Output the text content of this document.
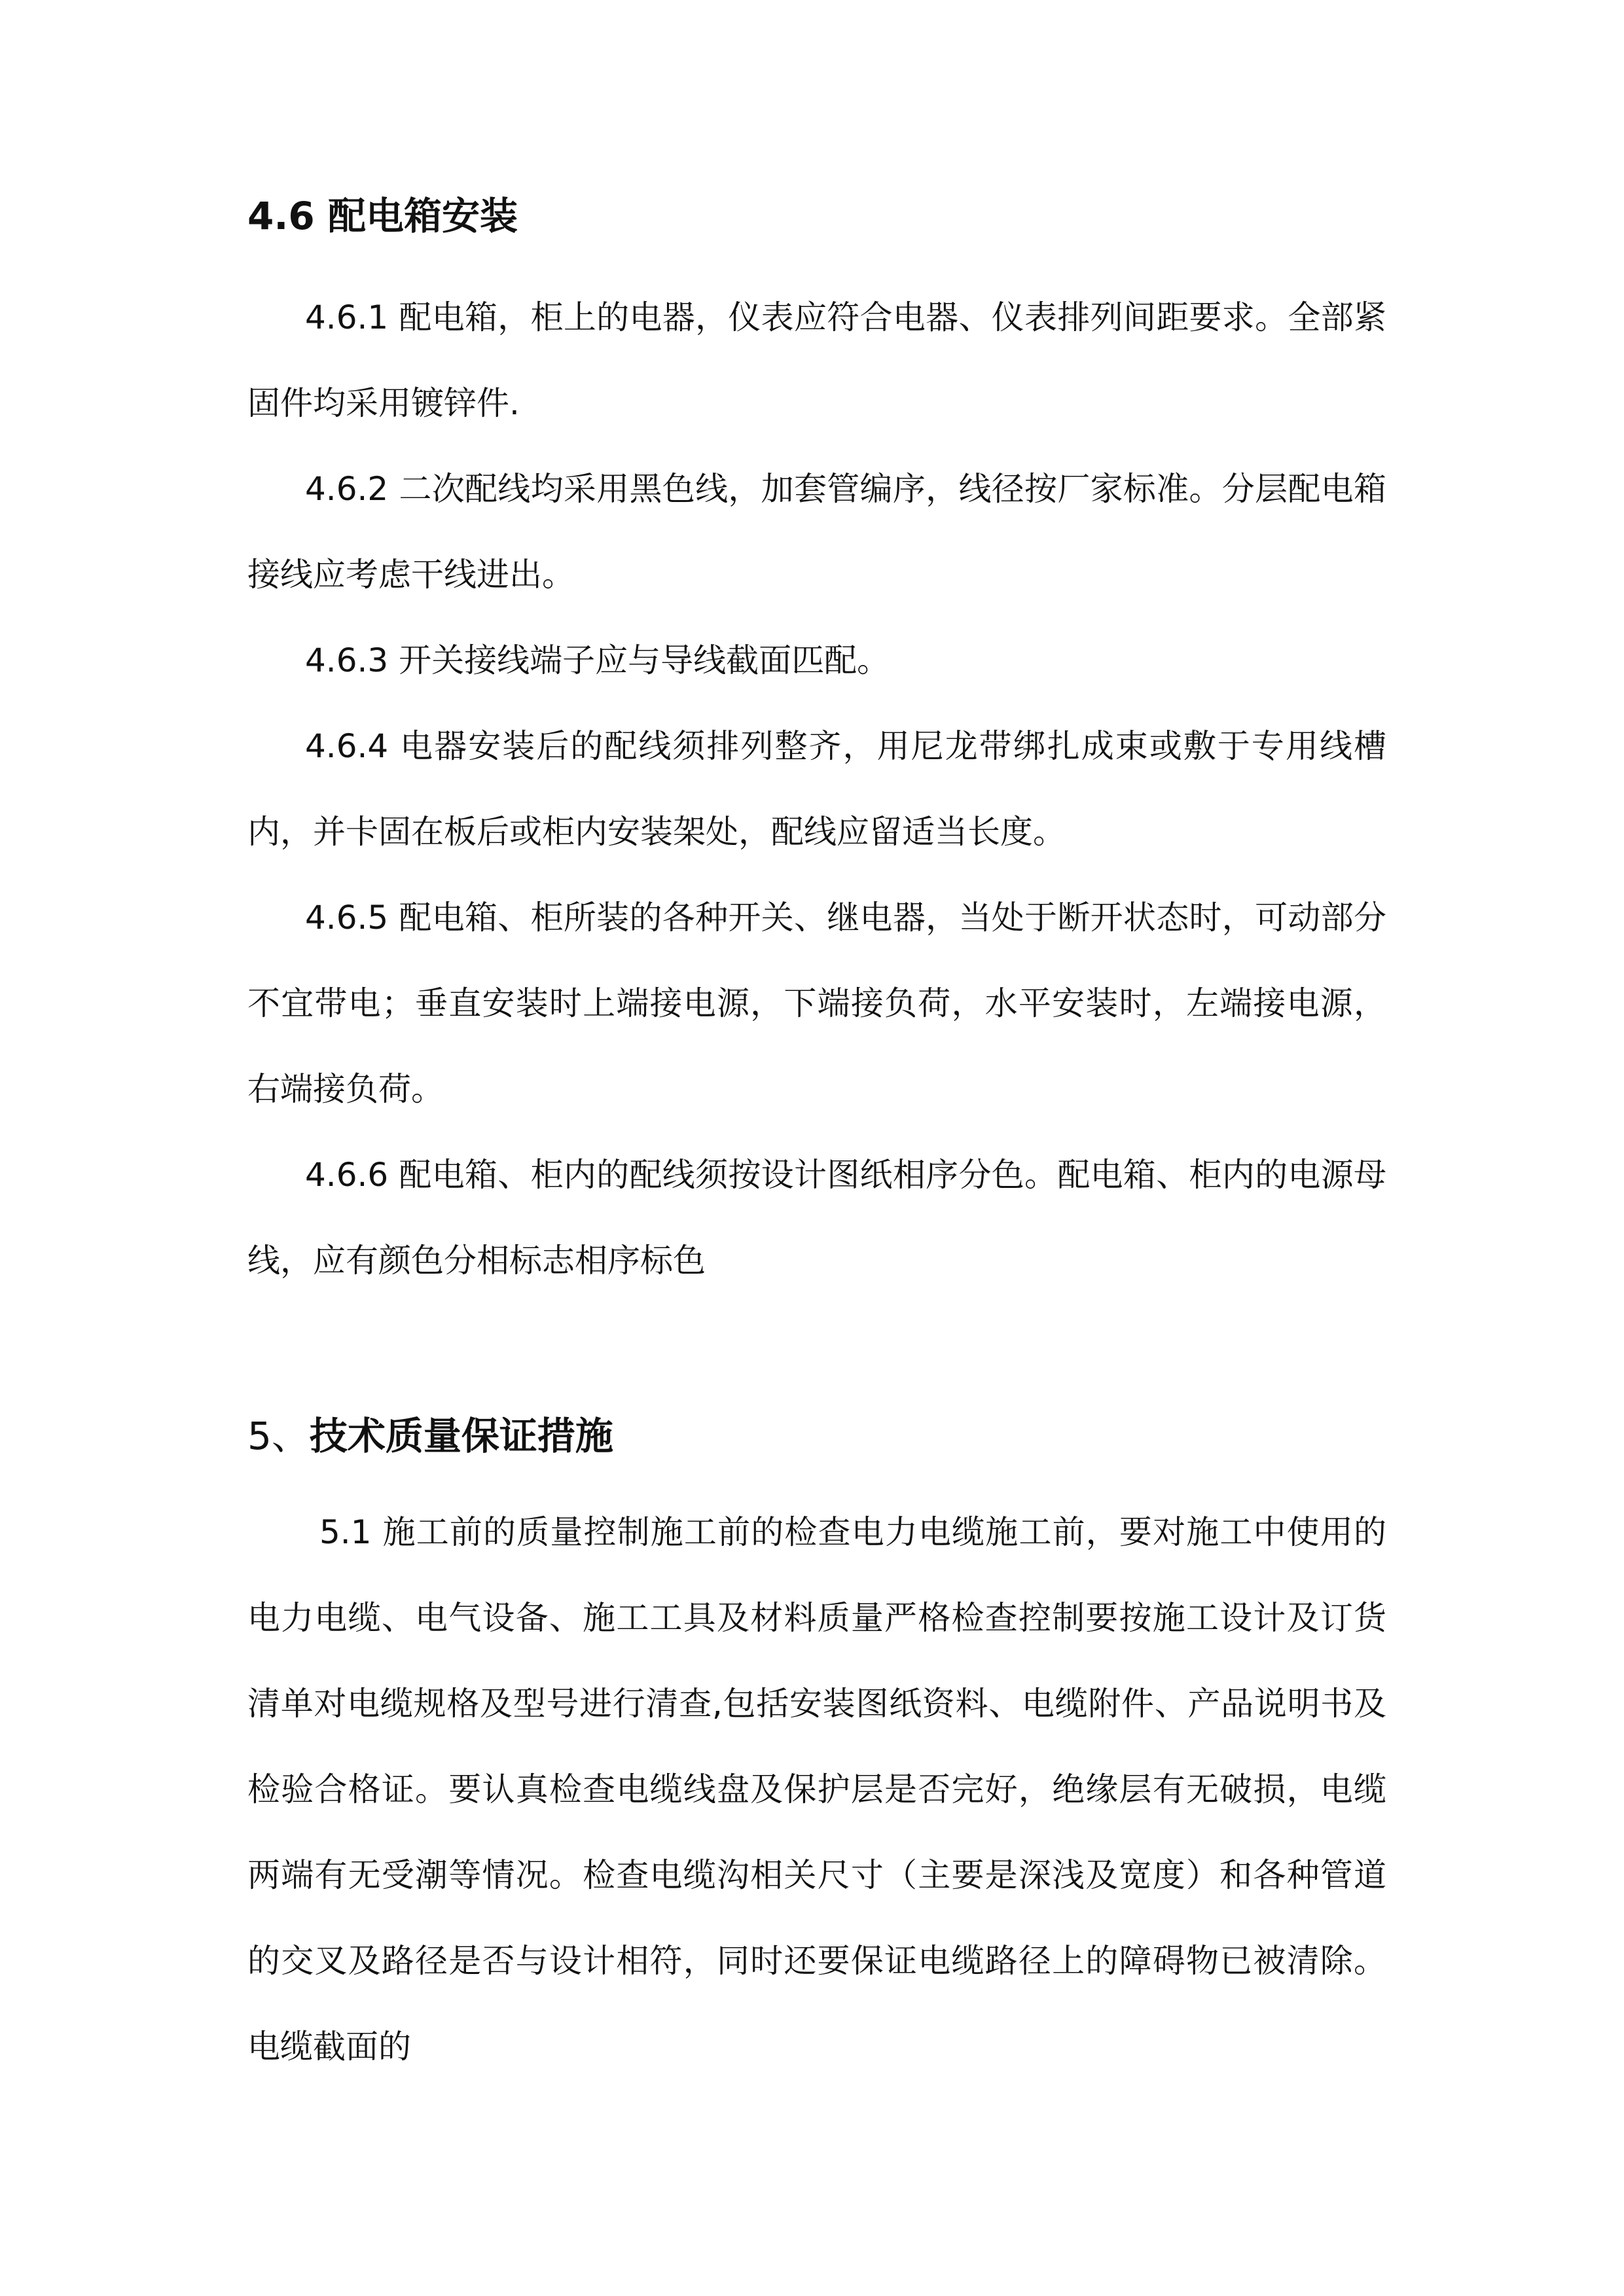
4.6 配电箱安装

4.6.1 配电箱，柜上的电器，仪表应符合电器、仪表排列间距要求。全部紧固件均采用镀锌件.

4.6.2 二次配线均采用黑色线，加套管编序，线径按厂家标准。分层配电箱接线应考虑干线进出。

4.6.3 开关接线端子应与导线截面匹配。

4.6.4 电器安装后的配线须排列整齐，用尼龙带绑扎成束或敷于专用线槽内，并卡固在板后或柜内安装架处，配线应留适当长度。

4.6.5 配电箱、柜所装的各种开关、继电器，当处于断开状态时，可动部分不宜带电；垂直安装时上端接电源，下端接负荷，水平安装时，左端接电源，右端接负荷。

4.6.6 配电箱、柜内的配线须按设计图纸相序分色。配电箱、柜内的电源母线，应有颜色分相标志相序标色

5、技术质量保证措施

5.1 施工前的质量控制施工前的检查电力电缆施工前，要对施工中使用的电力电缆、电气设备、施工工具及材料质量严格检查控制要按施工设计及订货清单对电缆规格及型号进行清查,包括安装图纸资料、电缆附件、产品说明书及检验合格证。要认真检查电缆线盘及保护层是否完好，绝缘层有无破损，电缆两端有无受潮等情况。检查电缆沟相关尺寸（主要是深浅及宽度）和各种管道的交叉及路径是否与设计相符，同时还要保证电缆路径上的障碍物已被清除。电缆截面的
